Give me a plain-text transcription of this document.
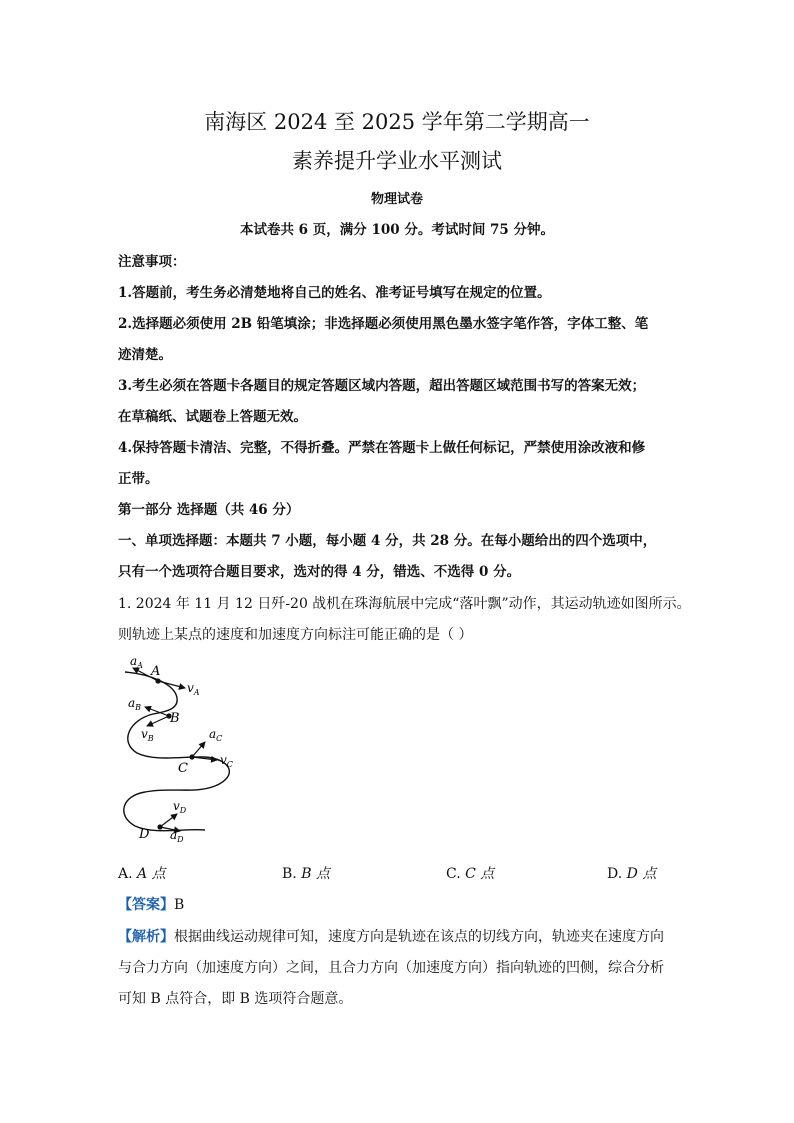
南海区 2024 至 2025 学年第二学期高一
素养提升学业水平测试
物理试卷
本试卷共 6 页，满分 100 分。考试时间 75 分钟。
注意事项：
1.答题前，考生务必清楚地将自己的姓名、准考证号填写在规定的位置。
2.选择题必须使用 2B 铅笔填涂；非选择题必须使用黑色墨水签字笔作答，字体工整、笔
迹清楚。
3.考生必须在答题卡各题目的规定答题区域内答题，超出答题区域范围书写的答案无效；
在草稿纸、试题卷上答题无效。
4.保持答题卡清洁、完整，不得折叠。严禁在答题卡上做任何标记，严禁使用涂改液和修
正带。
第一部分 选择题（共 46 分）
一、单项选择题：本题共 7 小题，每小题 4 分，共 28 分。在每小题给出的四个选项中，
只有一个选项符合题目要求，选对的得 4 分，错选、不选得 0 分。
1. 2024 年 11 月 12 日歼-20 战机在珠海航展中完成“落叶飘”动作，其运动轨迹如图所示。
则轨迹上某点的速度和加速度方向标注可能正确的是（ ）
$a_A$ A
$v_A$
$a_B$
B
$v_B$	$a_C$
C
$v_C$
$v_D$
D $a_D$
A. A 点	B. B 点	C. C 点	D. D 点
【答案】B
【解析】根据曲线运动规律可知，速度方向是轨迹在该点的切线方向，轨迹夹在速度方向
与合力方向（加速度方向）之间，且合力方向（加速度方向）指向轨迹的凹侧，综合分析
可知 B 点符合，即 B 选项符合题意。
